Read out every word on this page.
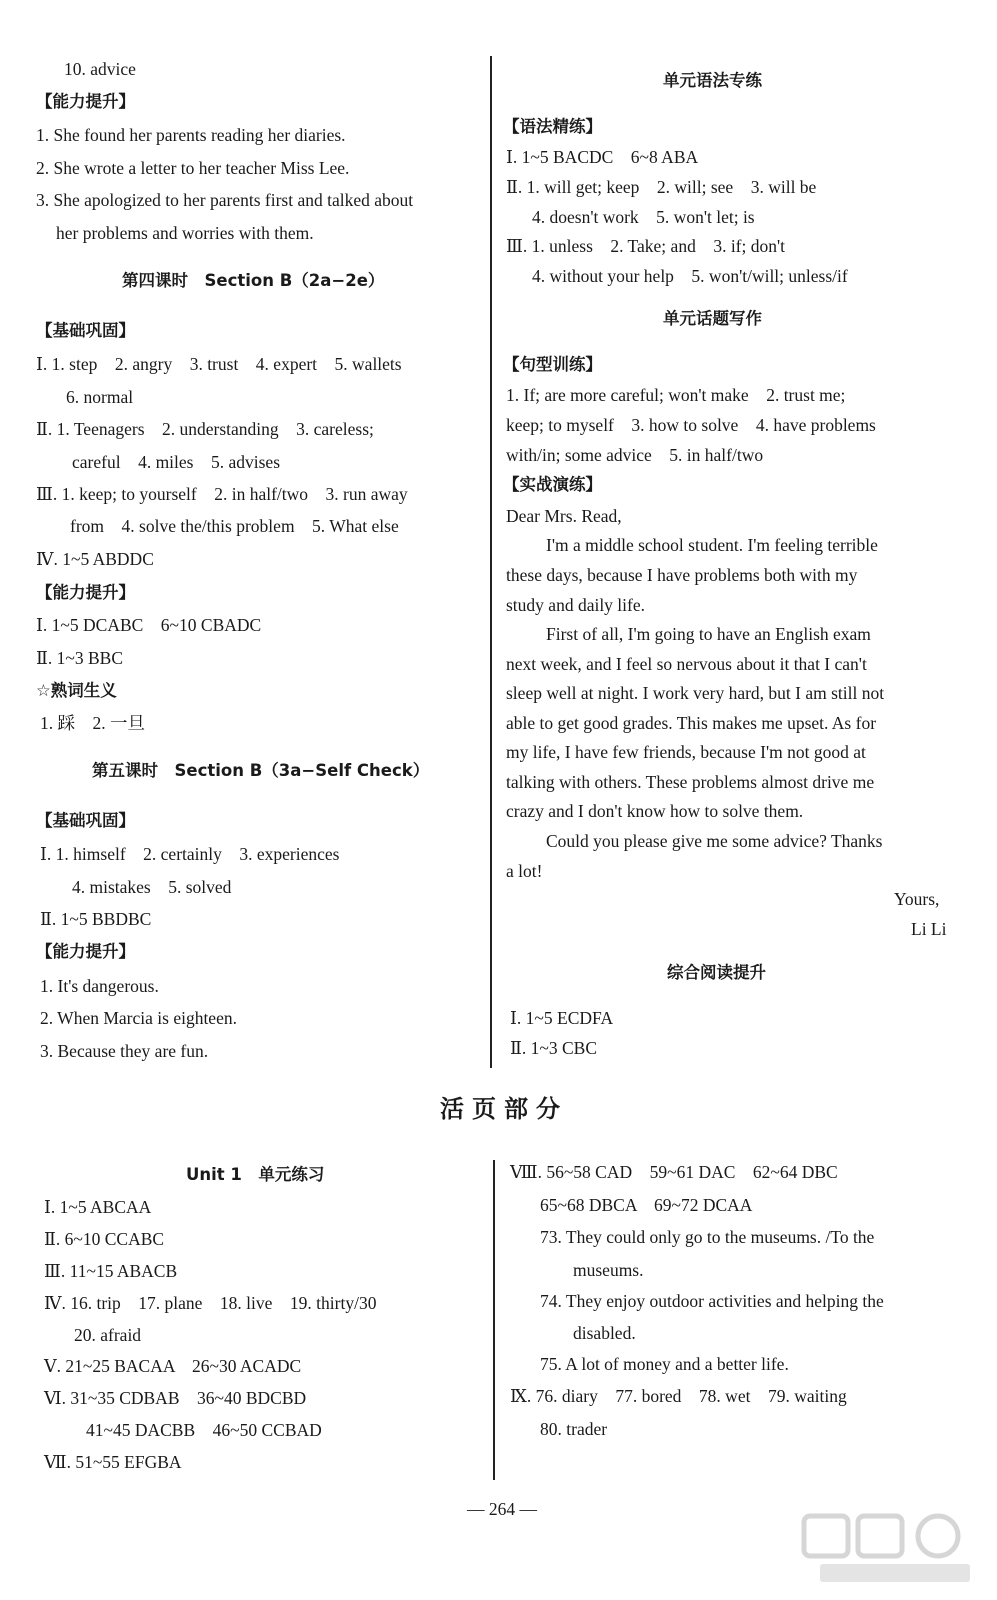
10. advice
【能力提升】
1. She found her parents reading her diaries.
2. She wrote a letter to her teacher Miss Lee.
3. She apologized to her parents first and talked about
her problems and worries with them.
第四课时　Section B（2a−2e）
【基础巩固】
Ⅰ. 1. step　2. angry　3. trust　4. expert　5. wallets
6. normal
Ⅱ. 1. Teenagers　2. understanding　3. careless;
careful　4. miles　5. advises
Ⅲ. 1. keep; to yourself　2. in half/two　3. run away
from　4. solve the/this problem　5. What else
Ⅳ. 1~5 ABDDC
【能力提升】
Ⅰ. 1~5 DCABC　6~10 CBADC
Ⅱ. 1~3 BBC
☆熟词生义
1. 踩　2. 一旦
第五课时　Section B（3a−Self Check）
【基础巩固】
Ⅰ. 1. himself　2. certainly　3. experiences
4. mistakes　5. solved
Ⅱ. 1~5 BBDBC
【能力提升】
1. It's dangerous.
2. When Marcia is eighteen.
3. Because they are fun.
单元语法专练
【语法精练】
Ⅰ. 1~5 BACDC　6~8 ABA
Ⅱ. 1. will get; keep　2. will; see　3. will be
4. doesn't work　5. won't let; is
Ⅲ. 1. unless　2. Take; and　3. if; don't
4. without your help　5. won't/will; unless/if
单元话题写作
【句型训练】
1. If; are more careful; won't make　2. trust me;
keep; to myself　3. how to solve　4. have problems
with/in; some advice　5. in half/two
【实战演练】
Dear Mrs. Read,
I'm a middle school student. I'm feeling terrible
these days, because I have problems both with my
study and daily life.
First of all, I'm going to have an English exam
next week, and I feel so nervous about it that I can't
sleep well at night. I work very hard, but I am still not
able to get good grades. This makes me upset. As for
my life, I have few friends, because I'm not good at
talking with others. These problems almost drive me
crazy and I don't know how to solve them.
Could you please give me some advice? Thanks
a lot!
Yours,
Li Li
综合阅读提升
Ⅰ. 1~5 ECDFA
Ⅱ. 1~3 CBC
活页部分
Unit 1　单元练习
Ⅰ. 1~5 ABCAA
Ⅱ. 6~10 CCABC
Ⅲ. 11~15 ABACB
Ⅳ. 16. trip　17. plane　18. live　19. thirty/30
20. afraid
Ⅴ. 21~25 BACAA　26~30 ACADC
Ⅵ. 31~35 CDBAB　36~40 BDCBD
41~45 DACBB　46~50 CCBAD
Ⅶ. 51~55 EFGBA
Ⅷ. 56~58 CAD　59~61 DAC　62~64 DBC
65~68 DBCA　69~72 DCAA
73. They could only go to the museums. /To the
museums.
74. They enjoy outdoor activities and helping the
disabled.
75. A lot of money and a better life.
Ⅸ. 76. diary　77. bored　78. wet　79. waiting
80. trader
— 264 —
